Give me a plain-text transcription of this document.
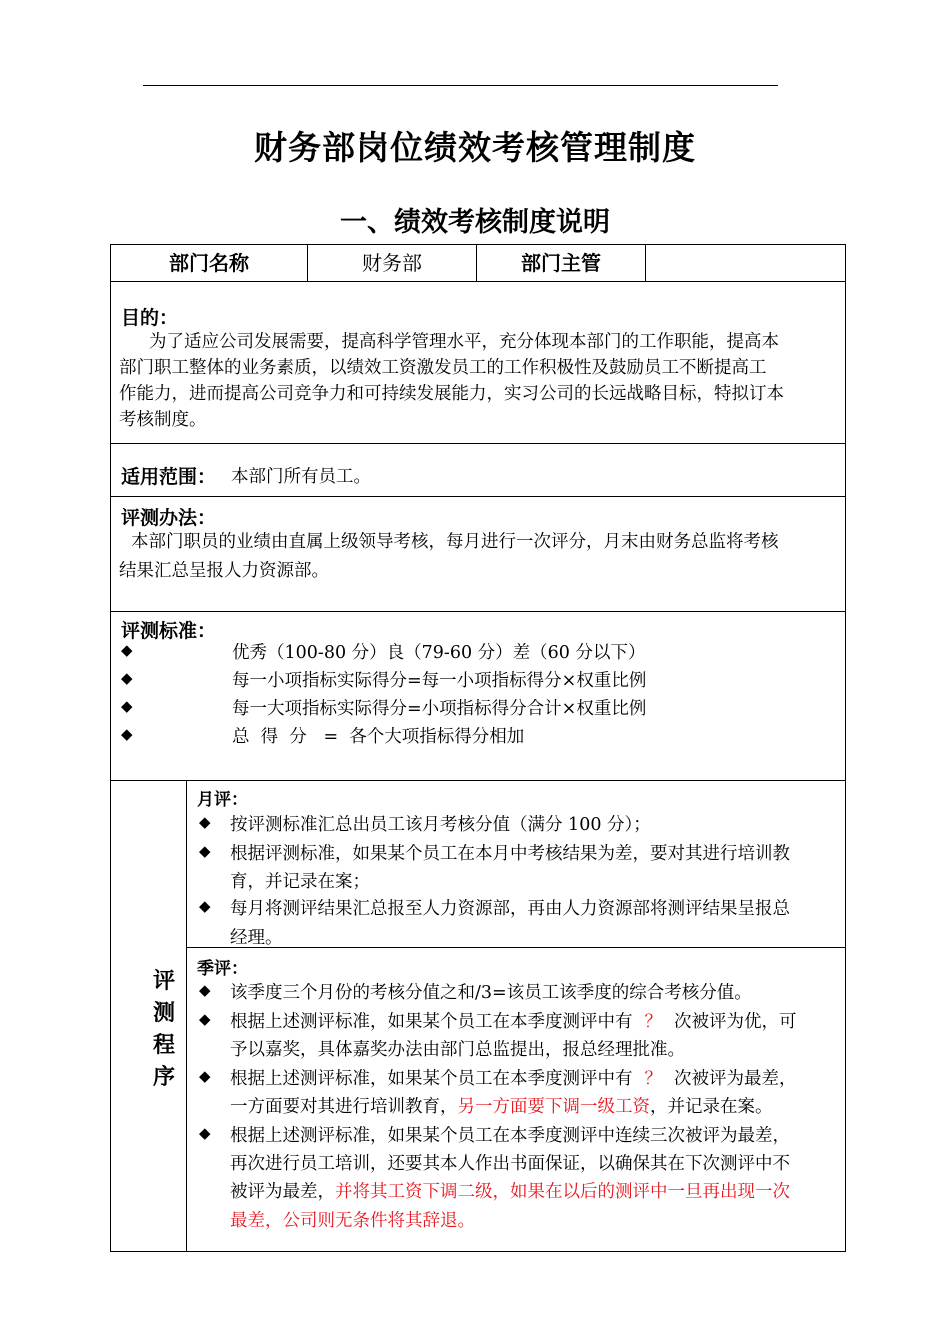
财务部岗位绩效考核管理制度
一、绩效考核制度说明
部门名称	财务部	部门主管
目的：
为了适应公司发展需要，提高科学管理水平，充分体现本部门的工作职能，提高本
部门职工整体的业务素质，以绩效工资激发员工的工作积极性及鼓励员工不断提高工
作能力，进而提高公司竞争力和可持续发展能力，实习公司的长远战略目标，特拟订本
考核制度。
适用范围： 本部门所有员工。
评测办法：
本部门职员的业绩由直属上级领导考核，每月进行一次评分，月末由财务总监将考核
结果汇总呈报人力资源部。
评测标准：
◆	优秀（100-80 分）良（79-60 分）差（60 分以下）
◆	每一小项指标实际得分=每一小项指标得分×权重比例
◆	每一大项指标实际得分=小项指标得分合计×权重比例
◆	总  得  分   =  各个大项指标得分相加
评
测
程
序
月评：
◆ 按评测标准汇总出员工该月考核分值（满分 100 分）；
◆ 根据评测标准，如果某个员工在本月中考核结果为差，要对其进行培训教
育，并记录在案；
◆ 每月将测评结果汇总报至人力资源部，再由人力资源部将测评结果呈报总
经理。
季评：
◆ 该季度三个月份的考核分值之和/3=该员工该季度的综合考核分值。
◆ 根据上述测评标准，如果某个员工在本季度测评中有 ？ 次被评为优，可
予以嘉奖，具体嘉奖办法由部门总监提出，报总经理批准。
◆ 根据上述测评标准，如果某个员工在本季度测评中有 ？ 次被评为最差，
一方面要对其进行培训教育，另一方面要下调一级工资，并记录在案。
◆ 根据上述测评标准，如果某个员工在本季度测评中连续三次被评为最差，
再次进行员工培训，还要其本人作出书面保证，以确保其在下次测评中不
被评为最差，并将其工资下调二级，如果在以后的测评中一旦再出现一次
最差，公司则无条件将其辞退。
